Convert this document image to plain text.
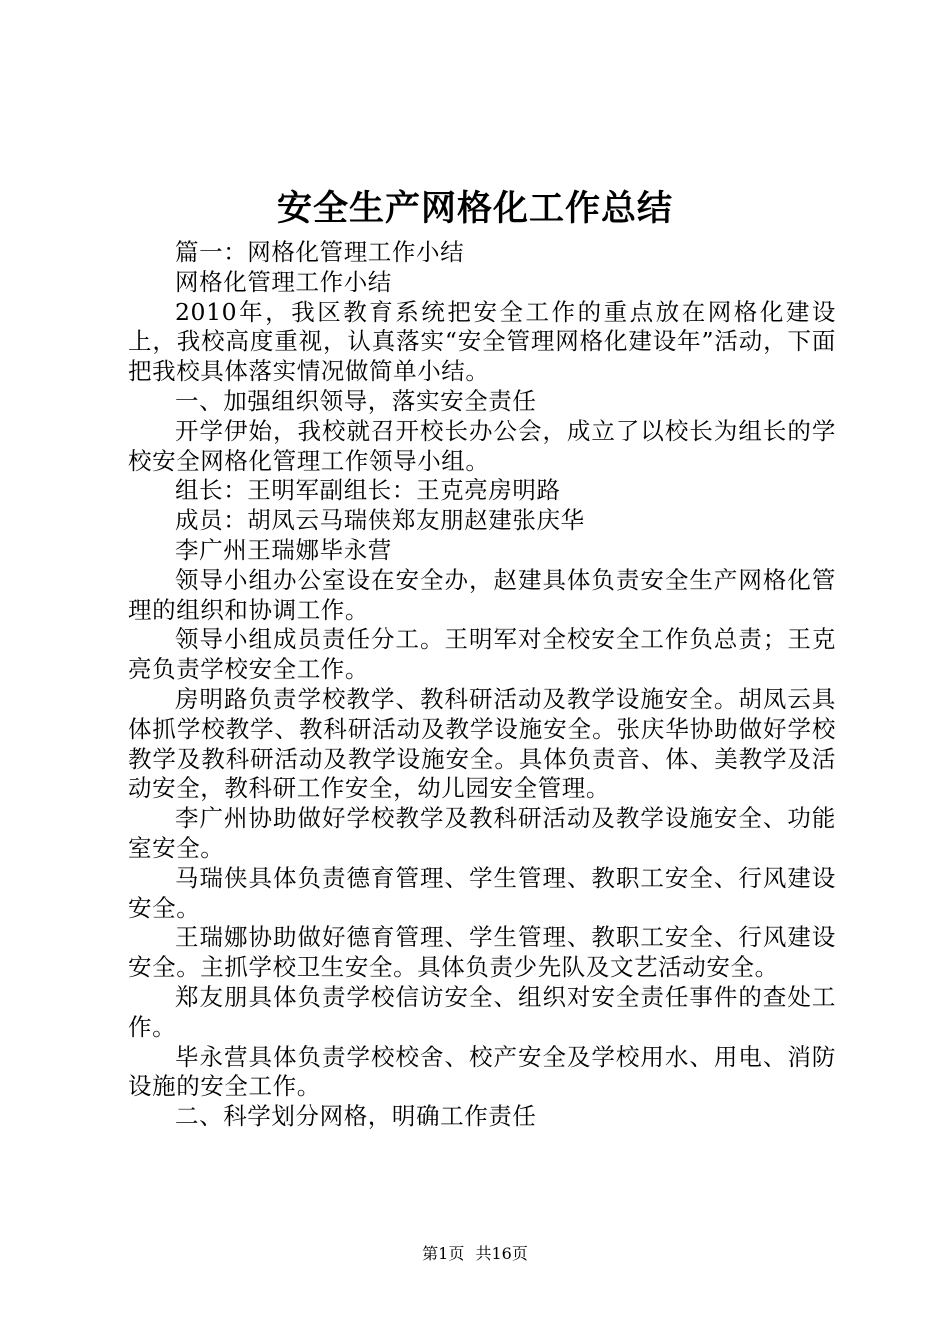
安全生产网格化工作总结

篇一：网格化管理工作小结

网格化管理工作小结

2010年，我区教育系统把安全工作的重点放在网格化建设上，我校高度重视，认真落实“安全管理网格化建设年”活动，下面把我校具体落实情况做简单小结。

一、加强组织领导，落实安全责任

开学伊始，我校就召开校长办公会，成立了以校长为组长的学校安全网格化管理工作领导小组。

组长：王明军副组长：王克亮房明路

成员：胡凤云马瑞侠郑友朋赵建张庆华

李广州王瑞娜毕永营

领导小组办公室设在安全办，赵建具体负责安全生产网格化管理的组织和协调工作。

领导小组成员责任分工。王明军对全校安全工作负总责；王克亮负责学校安全工作。

房明路负责学校教学、教科研活动及教学设施安全。胡凤云具体抓学校教学、教科研活动及教学设施安全。张庆华协助做好学校教学及教科研活动及教学设施安全。具体负责音、体、美教学及活动安全，教科研工作安全，幼儿园安全管理。

李广州协助做好学校教学及教科研活动及教学设施安全、功能室安全。

马瑞侠具体负责德育管理、学生管理、教职工安全、行风建设安全。

王瑞娜协助做好德育管理、学生管理、教职工安全、行风建设安全。主抓学校卫生安全。具体负责少先队及文艺活动安全。

郑友朋具体负责学校信访安全、组织对安全责任事件的查处工作。

毕永营具体负责学校校舍、校产安全及学校用水、用电、消防设施的安全工作。

二、科学划分网格，明确工作责任

第1页 共16页
